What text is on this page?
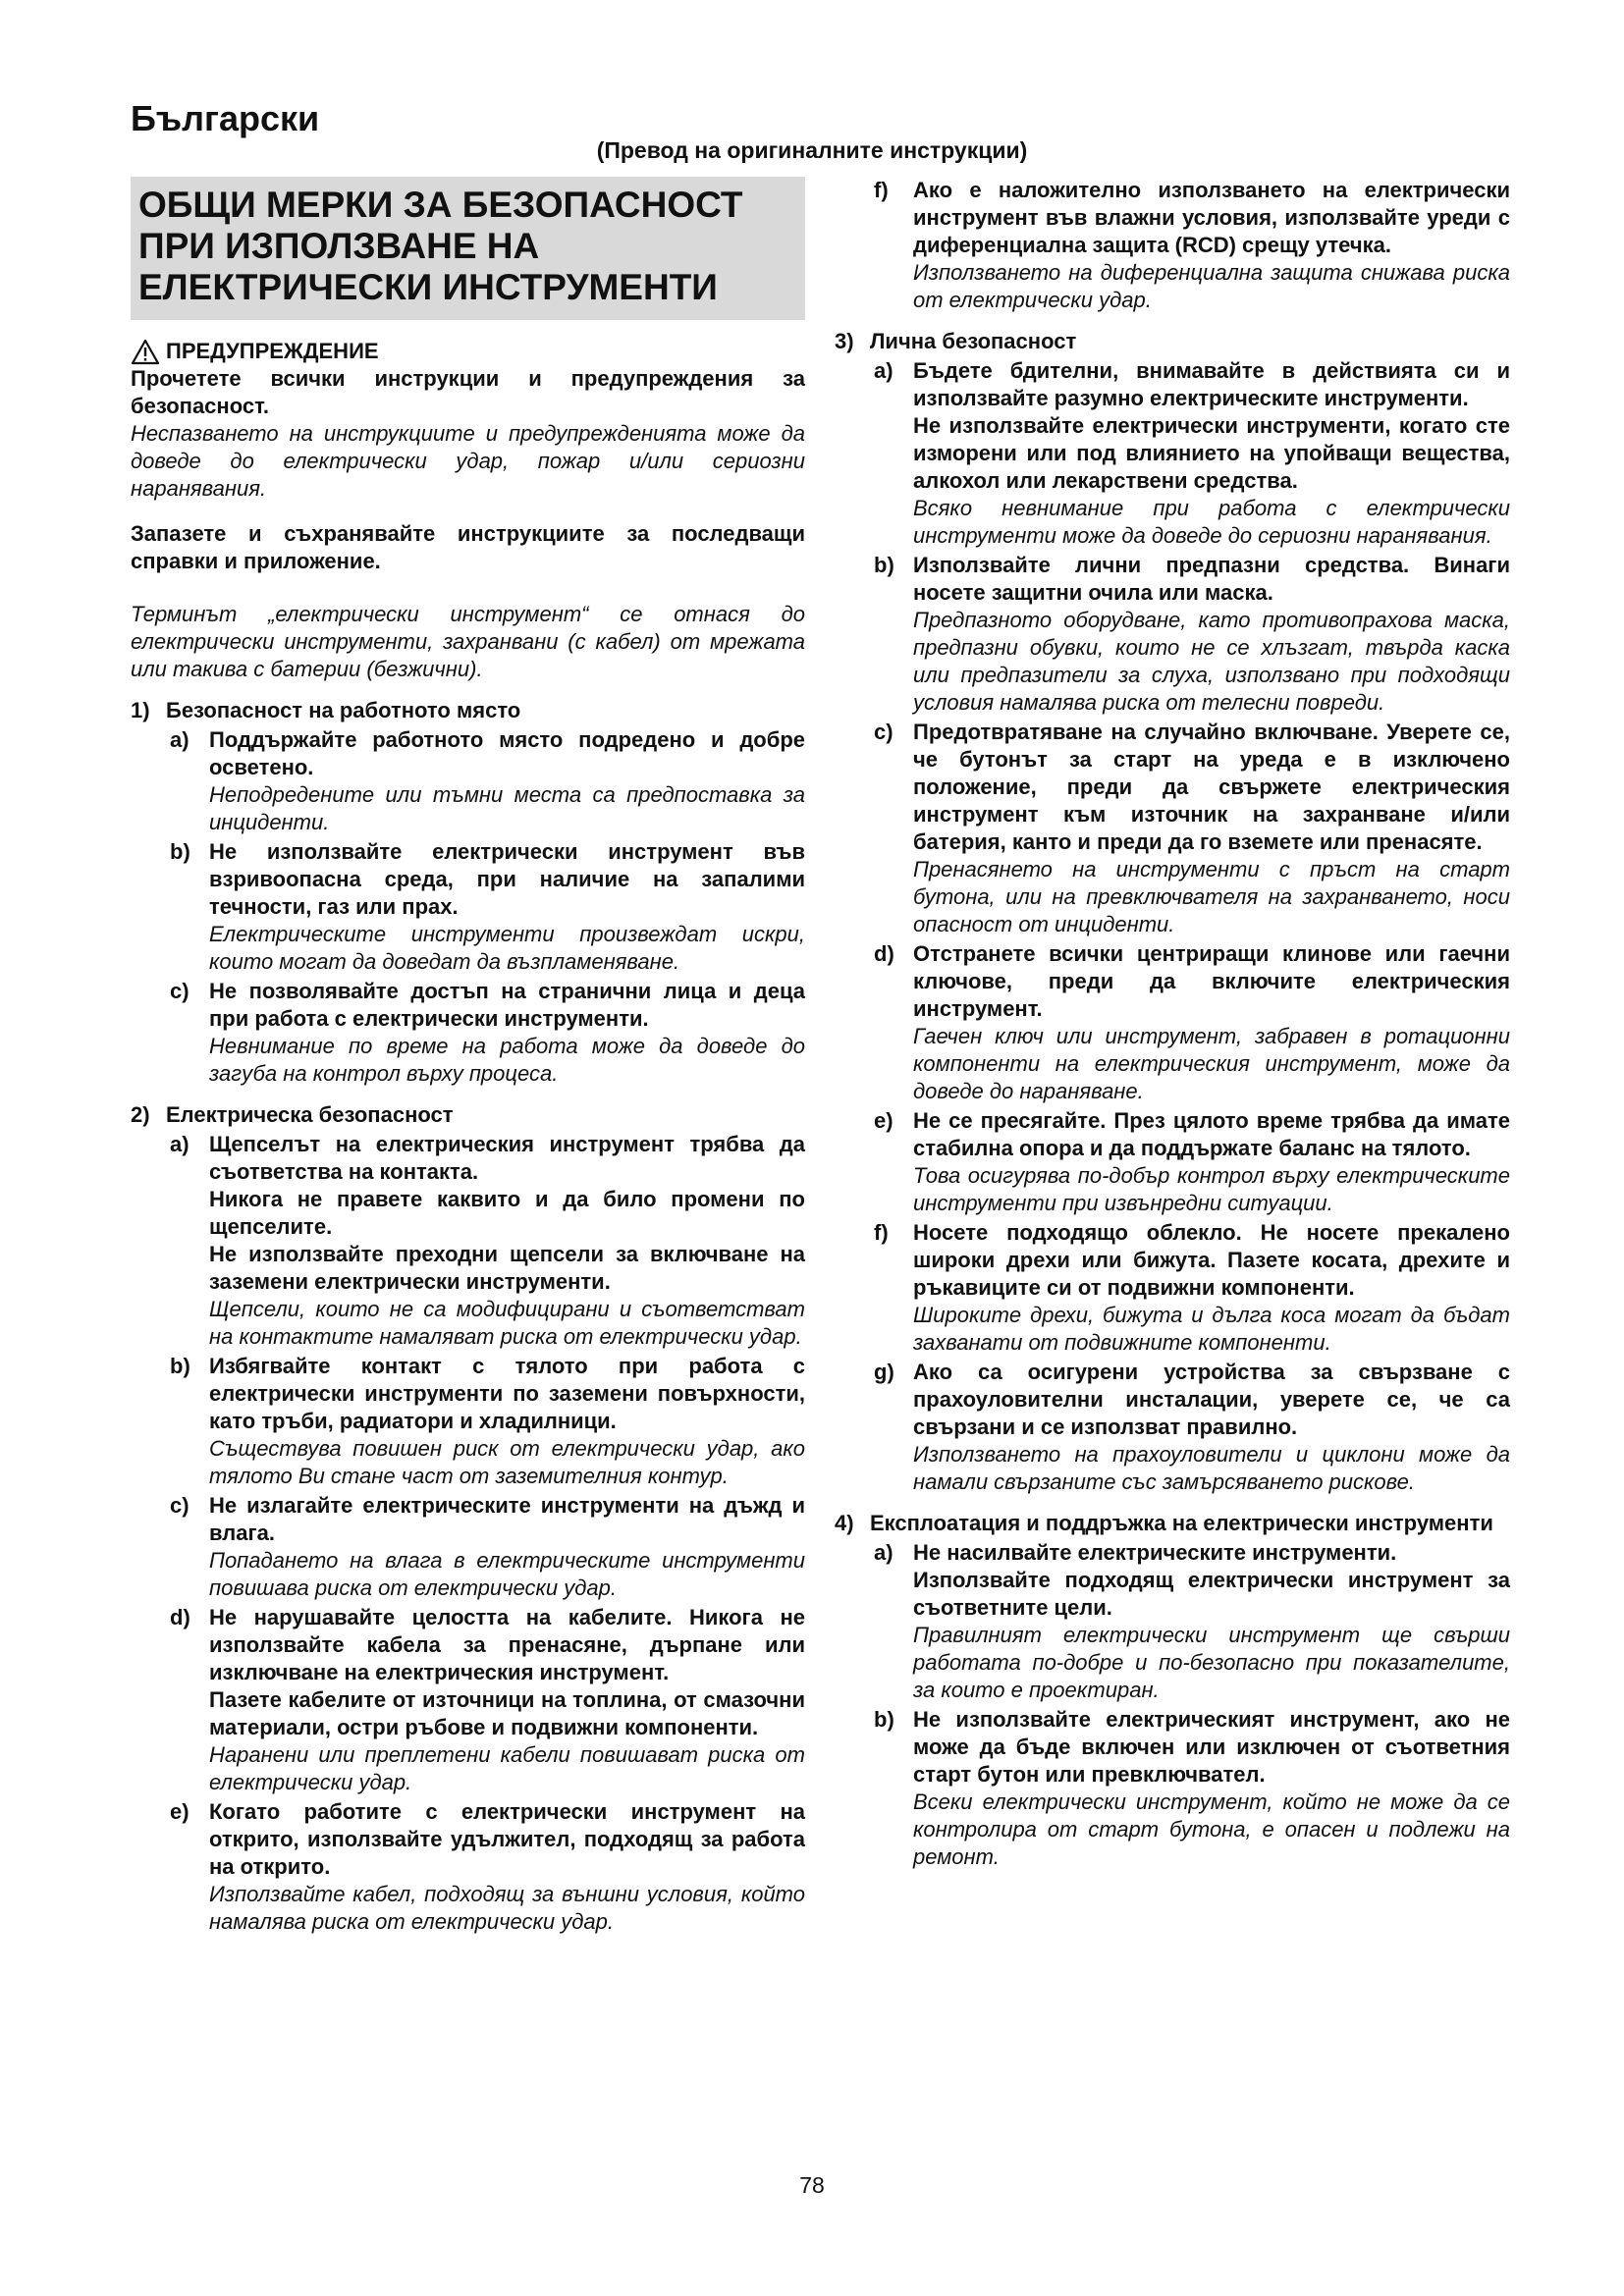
Български

(Превод на оригиналните инструкции)

ОБЩИ МЕРКИ ЗА БЕЗОПАСНОСТ
ПРИ ИЗПОЛЗВАНЕ НА
ЕЛЕКТРИЧЕСКИ ИНСТРУМЕНТИ
ПРЕДУПРЕЖДЕНИЕ

Прочетете всички инструкции и предупреждения за безопасност.

Неспазването на инструкциите и предупрежденията може да доведе до електрически удар, пожар и/или сериозни наранявания.

Запазете и съхранявайте инструкциите за последващи справки и приложение.

Терминът „електрически инструмент“ се отнася до електрически инструменти, захранвани (с кабел) от мрежата или такива с батерии (безжични).

1) Безопасност на работното място
a) Поддържайте работното място подредено и добре осветено.

Неподредените или тъмни места са предпоставка за инциденти.

b) Не използвайте електрически инструмент във взривоопасна среда, при наличие на запалими течности, газ или прах.

Електрическите инструменти произвеждат искри, които могат да доведат да възпламеняване.

c) Не позволявайте достъп на странични лица и деца при работа с електрически инструменти.

Невнимание по време на работа може да доведе до загуба на контрол върху процеса.

2) Електрическа безопасност
a) Щепселът на електрическия инструмент трябва да съответства на контакта.

Никога не правете каквито и да било промени по щепселите.

Не използвайте преходни щепсели за включване на заземени електрически инструменти.

Щепсели, които не са модифицирани и съответстват на контактите намаляват риска от електрически удар.

b) Избягвайте контакт с тялото при работа с електрически инструменти по заземени повърхности, като тръби, радиатори и хладилници.

Съществува повишен риск от електрически удар, ако тялото Ви стане част от заземителния контур.

c) Не излагайте електрическите инструменти на дъжд и влага.

Попадането на влага в електрическите инструменти повишава риска от електрически удар.

d) Не нарушавайте целостта на кабелите. Никога не използвайте кабела за пренасяне, дърпане или изключване на електрическия инструмент.

Пазете кабелите от източници на топлина, от смазочни материали, остри ръбове и подвижни компоненти.

Наранени или преплетени кабели повишават риска от електрически удар.

e) Когато работите с електрически инструмент на открито, използвайте удължител, подходящ за работа на открито.

Използвайте кабел, подходящ за външни условия, който намалява риска от електрически удар.

f)	Ако е наложително използването на електрически инструмент във влажни условия, използвайте уреди с диференциална защита (RCD) срещу утечка.

Използването на диференциална защита снижава риска от електрически удар.

3) Лична безопасност
a) Бъдете бдителни, внимавайте в действията си и използвайте разумно електрическите инструменти.

Не използвайте електрически инструменти, когато сте изморени или под влиянието на упойващи вещества, алкохол или лекарствени средства.

Всяко невнимание при работа с електрически инструменти може да доведе до сериозни наранявания.

b) Използвайте лични предпазни средства. Винаги носете защитни очила или маска.

Предпазното оборудване, като противопрахова маска, предпазни обувки, които не се хлъзгат, твърда каска или предпазители за слуха, използвано при подходящи условия намалява риска от телесни повреди.

c) Предотвратяване на случайно включване. Уверете се, че бутонът за старт на уреда е в изключено положение, преди да свържете електрическия инструмент към източник на захранване и/или батерия, канто и преди да го вземете или пренасяте.

Пренасянето на инструменти с пръст на старт бутона, или на превключвателя на захранването, носи опасност от инциденти.

d) Отстранете всички центриращи клинове или гаечни ключове, преди да включите електрическия инструмент.

Гаечен ключ или инструмент, забравен в ротационни компоненти на електрическия инструмент, може да доведе до нараняване.

e) Не се пресягайте. През цялото време трябва да имате стабилна опора и да поддържате баланс на тялото.

Това осигурява по-добър контрол върху електрическите инструменти при извънредни ситуации.

f)	Носете подходящо облекло. Не носете прекалено широки дрехи или бижута. Пазете косата, дрехите и ръкавиците си от подвижни компоненти.

Широките дрехи, бижута и дълга коса могат да бъдат захванати от подвижните компоненти.

g) Ако са осигурени устройства за свързване с прахоуловителни инсталации, уверете се, че са свързани и се използват правилно.

Използването на прахоуловители и циклони може да намали свързаните със замърсяването рискове.

4) Експлоатация и поддръжка на електрически инструменти
a) Не насилвайте електрическите инструменти.

Използвайте подходящ електрически инструмент за съответните цели.

Правилният електрически инструмент ще свърши работата по-добре и по-безопасно при показателите, за които е проектиран.

b) Не използвайте електрическият инструмент, ако не може да бъде включен или изключен от съответния старт бутон или превключвател.

Всеки електрически инструмент, който не може да се контролира от старт бутона, е опасен и подлежи на ремонт.

78
